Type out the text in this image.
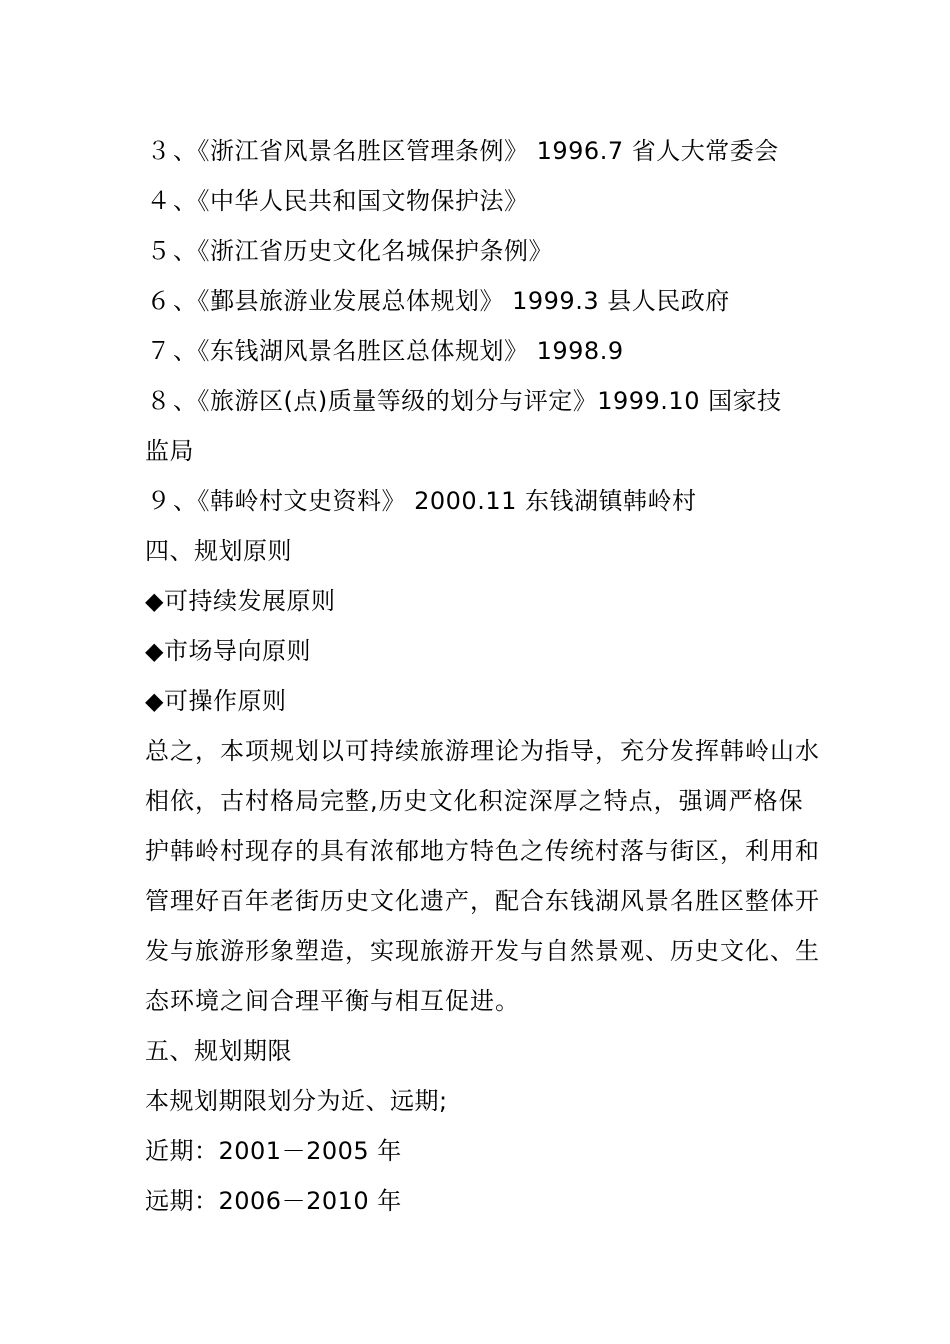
３、《浙江省风景名胜区管理条例》 1996.7 省人大常委会
４、《中华人民共和国文物保护法》
５、《浙江省历史文化名城保护条例》
６、《鄞县旅游业发展总体规划》 1999.3 县人民政府
７、《东钱湖风景名胜区总体规划》 1998.9
８、《旅游区(点)质量等级的划分与评定》1999.10 国家技
监局
９、《韩岭村文史资料》 2000.11 东钱湖镇韩岭村
四、规划原则
◆可持续发展原则
◆市场导向原则
◆可操作原则
总之，本项规划以可持续旅游理论为指导，充分发挥韩岭山水
相依，古村格局完整,历史文化积淀深厚之特点，强调严格保
护韩岭村现存的具有浓郁地方特色之传统村落与街区，利用和
管理好百年老街历史文化遗产，配合东钱湖风景名胜区整体开
发与旅游形象塑造，实现旅游开发与自然景观、历史文化、生
态环境之间合理平衡与相互促进。
五、规划期限
本规划期限划分为近、远期;
近期：2001－2005 年
远期：2006－2010 年
